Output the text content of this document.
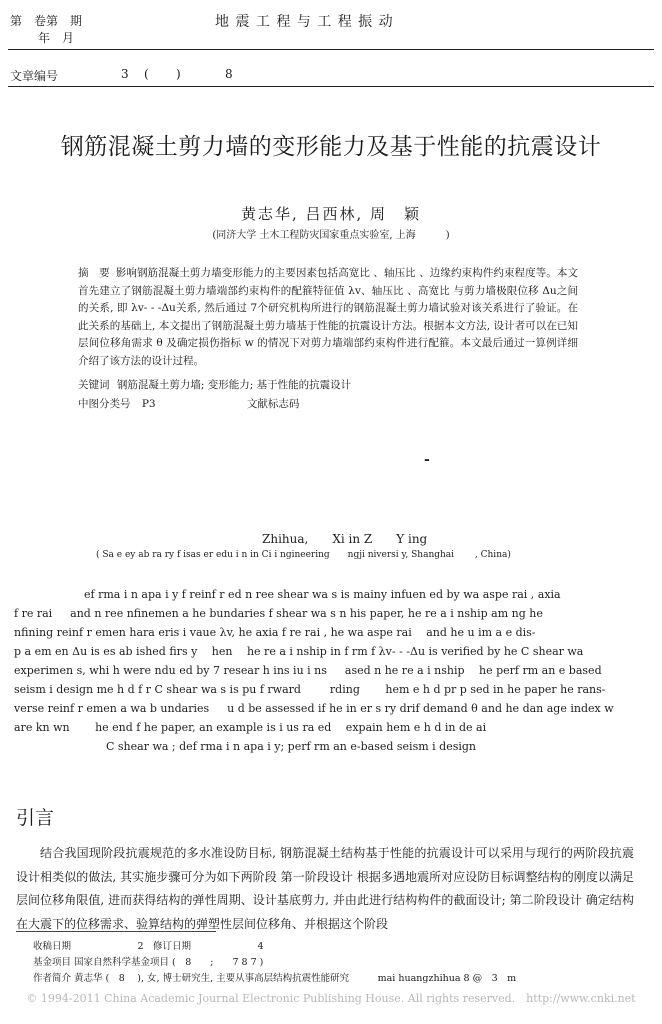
第　卷第　期
年　月
地 震 工 程 与 工 程 振 动
文章编号	3 ( )	8
钢筋混凝土剪力墙的变形能力及基于性能的抗震设计
黄志华, 吕西林, 周　颖
(同济大学 土木工程防灾国家重点实验室, 上海　　　)

摘　要 影响钢筋混凝土剪力墙变形能力的主要因素包括高宽比 、轴压比 、边缘约束构件约束程度等。本文首先建立了钢筋混凝土剪力墙端部约束构件的配箍特征值 λv、轴压比 、高宽比 与剪力墙极限位移 Δu之间的关系, 即 λv- - -Δu关系, 然后通过 7个研究机构所进行的钢筋混凝土剪力墙试验对该关系进行了验证。在此关系的基础上, 本文提出了钢筋混凝土剪力墙基于性能的抗震设计方法。根据本文方法, 设计者可以在已知层间位移角需求 θ 及确定损伤指标 w 的情况下对剪力墙端部约束构件进行配箍。本文最后通过一算例详细介绍了该方法的设计过程。

关键词 钢筋混凝土剪力墙; 变形能力; 基于性能的抗震设计
中图分类号 P3	文献标志码
-
Zhihua,　　Xi in Z　　Y ing
( Sa e ey ab ra ry f isas er edu i n in Ci i ngineering　　ngji niversi y, Shanghai　　 , China)

ef rma i n apa i y f reinf r ed n ree shear wa s is mainy infuen ed by wa aspe rai , axia

f re rai 　 and n ree nfinemen a he bundaries f shear wa s n his paper, he re a i nship am ng he

nfining reinf r emen hara eris i vaue λv, he axia f re rai , he wa aspe rai 　and he u im a e dis-

p a em en Δu is es ab ished firs y 　hen 　he re a i nship in f rm f λv- - -Δu is verified by he C shear wa

experimen s, whi h were ndu ed by 7 resear h ins iu i ns 　 ased n he re a i nship 　he perf rm an e based

seism i design me h d f r C shear wa s is pu f rward 　　 rding 　　hem e h d pr p sed in he paper he rans-

verse reinf r emen a wa b undaries 　 u d be assessed if he in er s ry drif demand θ and he dan age index w

are kn wn 　　he end f he paper, an example is i us ra ed 　expain hem e h d in de ai

　　C shear wa ; def rma i n apa i y; perf rm an e-based seism i design

引言

结合我国现阶段抗震规范的多水准设防目标, 钢筋混凝土结构基于性能的抗震设计可以采用与现行的两阶段抗震设计相类似的做法, 其实施步骤可分为如下两阶段 第一阶段设计 根据多遇地震所对应设防目标调整结构的刚度以满足层间位移角限值, 进而获得结构的弹性周期、设计基底剪力, 并由此进行结构构件的截面设计; 第二阶段设计 确定结构在大震下的位移需求、验算结构的弹塑性层间位移角、并根据这个阶段

收稿日期　　　　　　　2　修订日期　　　　　　　4
基金项目 国家自然科学基金项目 (　8　　;　　7 8 7 )
作者简介 黄志华 (　8　 ), 女, 博士研究生, 主要从事高层结构抗震性能研究　　　mai huangzhihua 8 @　3　m
© 1994-2011 China Academic Journal Electronic Publishing House. All rights reserved.　http://www.cnki.net
